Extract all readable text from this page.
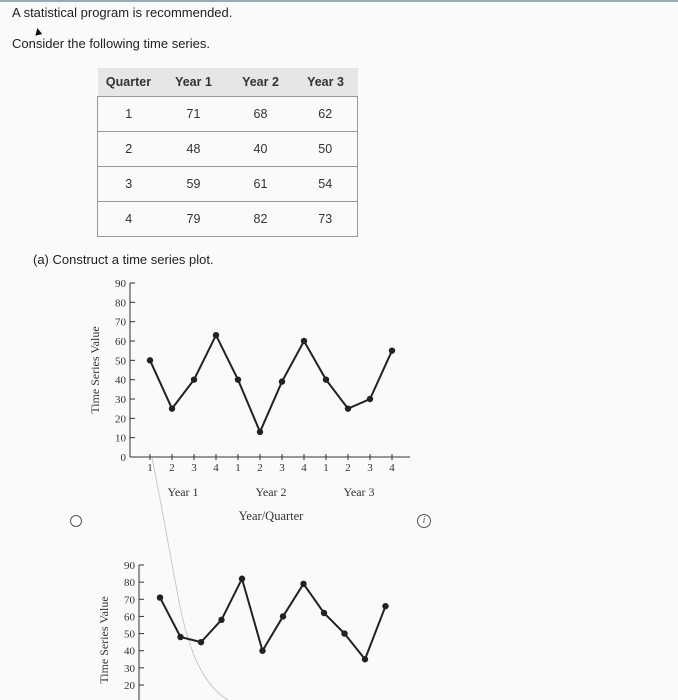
A statistical program is recommended.
▲
Consider the following time series.
Quarter	Year 1	Year 2	Year 3
1	71	68	62
2	48	40	50
3	59	61	54
4	79	82	73
(a) Construct a time series plot.
90
80
70
60
50
40
30
20
10
0
Time Series Value
1 2 3 4 1 2 3 4 1 2 3 4
Year 1	Year 2	Year 3
Year/Quarter
90
80
70
60
50
40
30
20
Time Series Value
i
